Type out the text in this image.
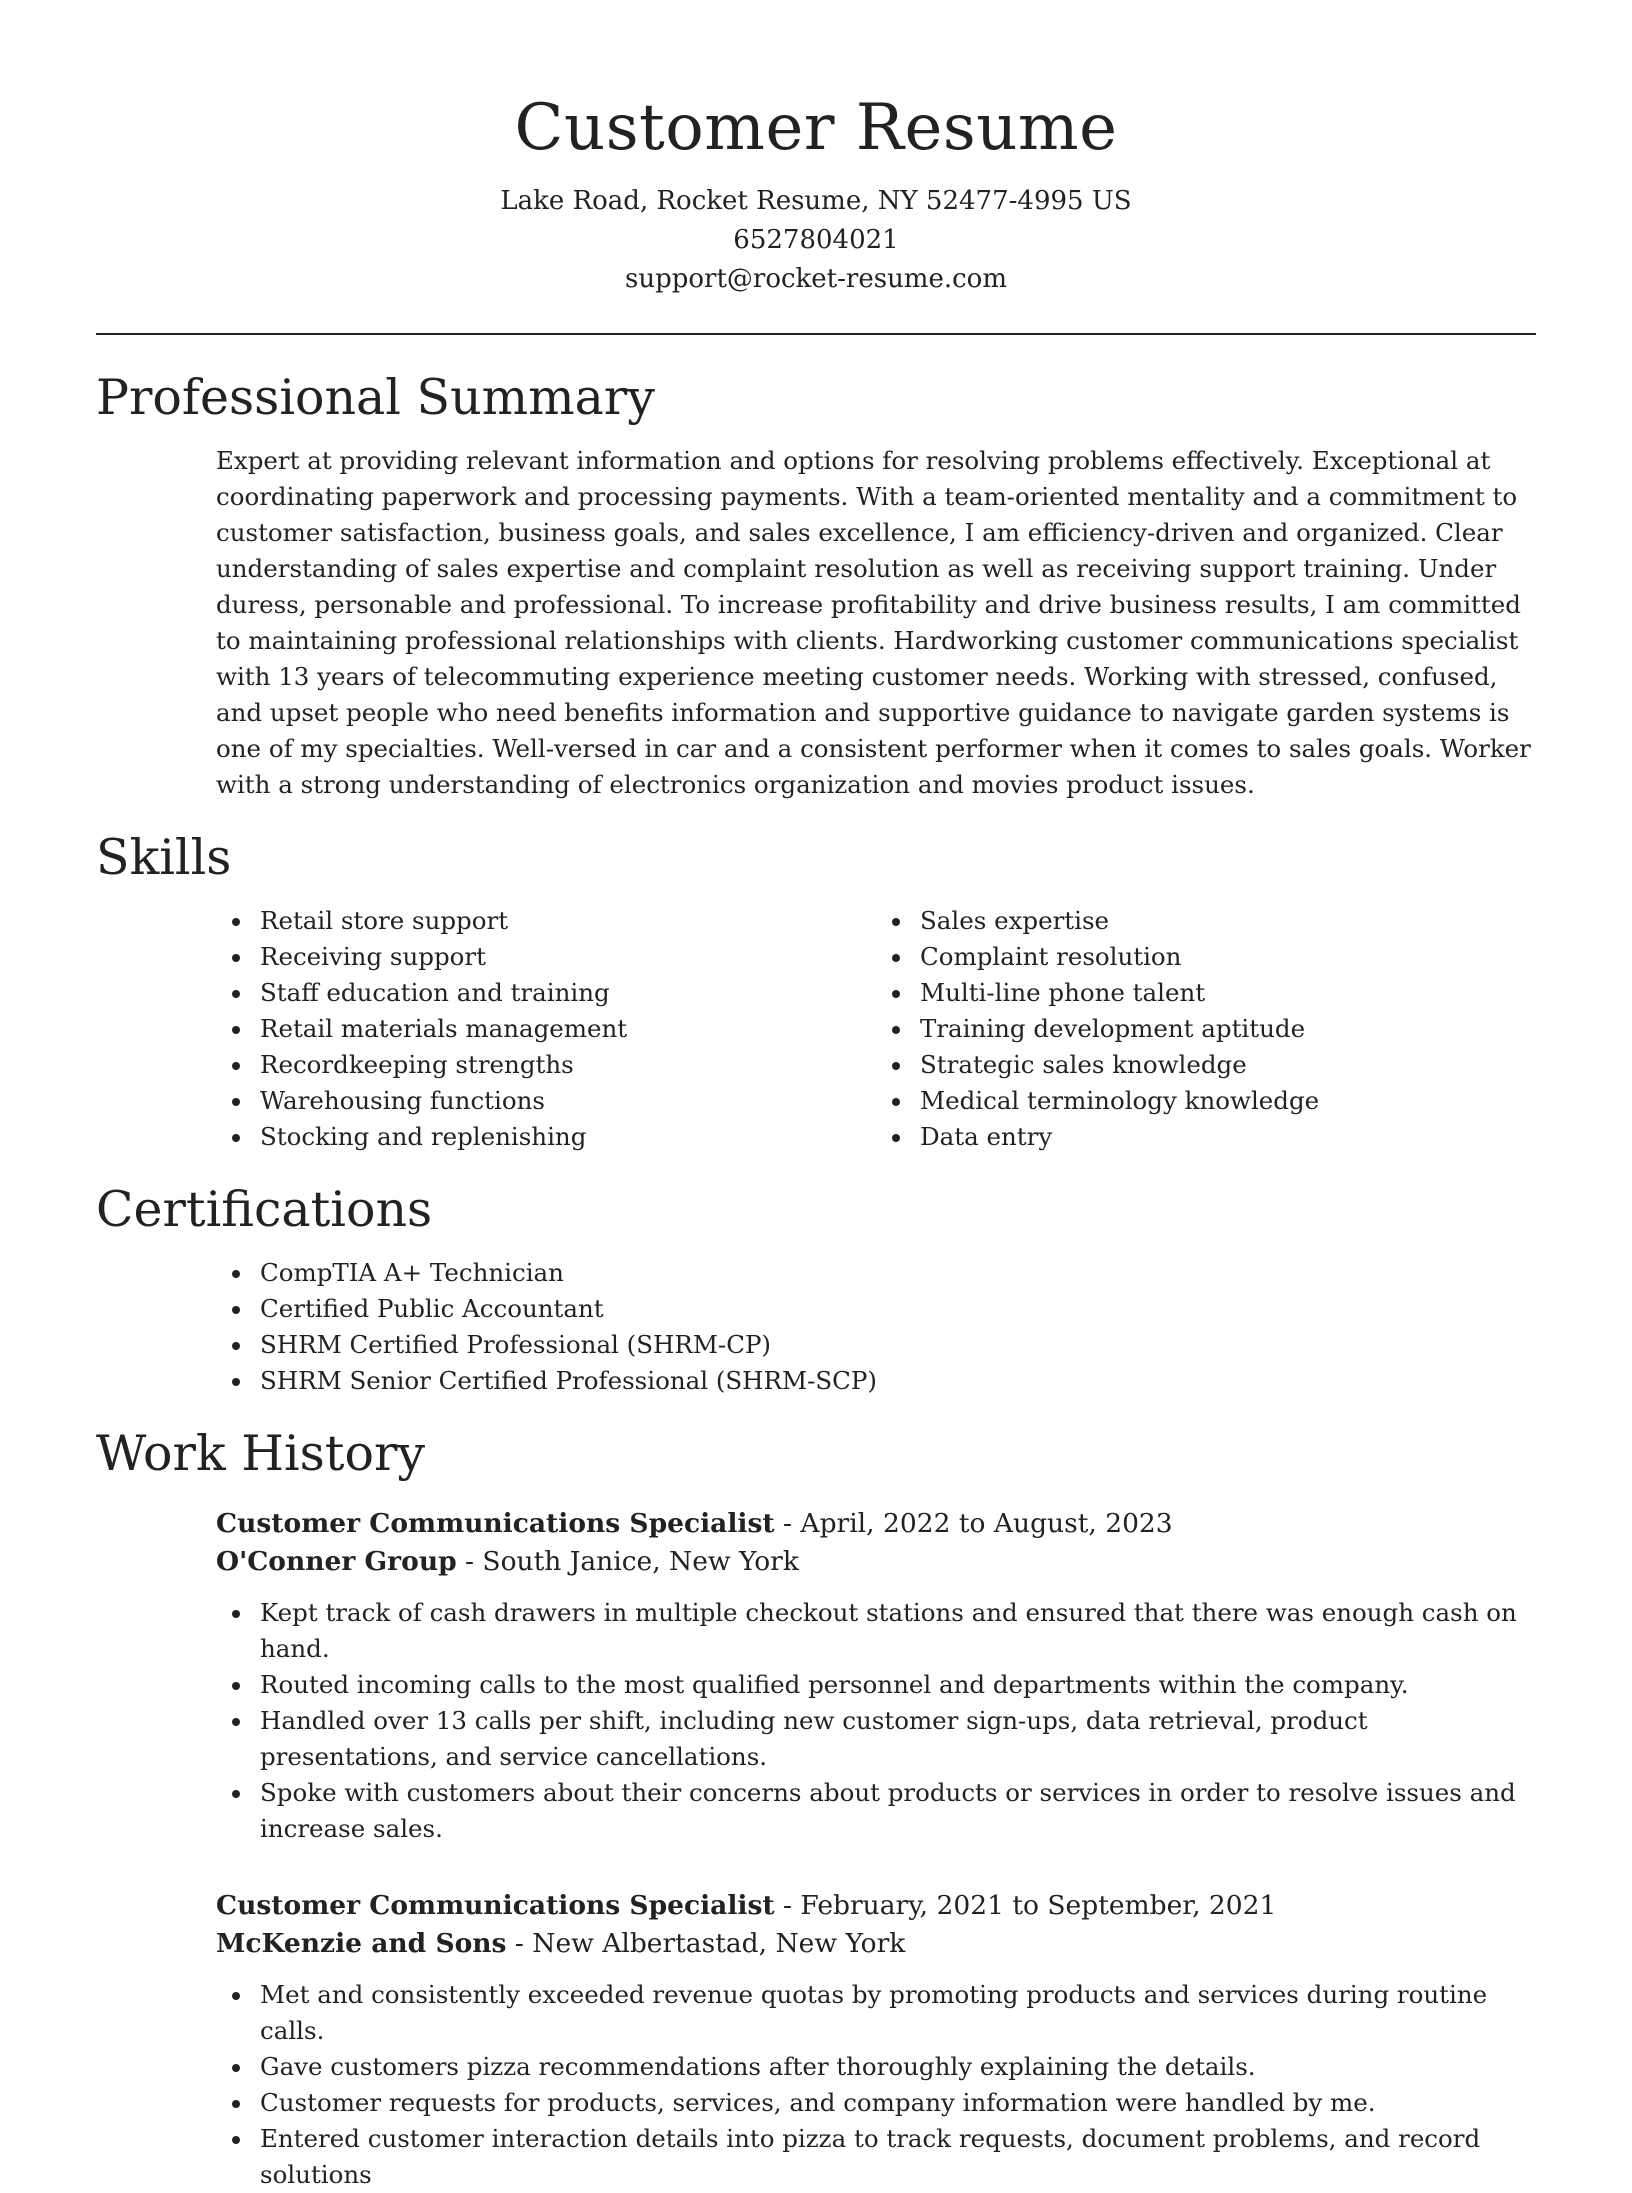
Customer Resume
Lake Road, Rocket Resume, NY 52477-4995 US
6527804021
support@rocket-resume.com
Professional Summary

Expert at providing relevant information and options for resolving problems effectively. Exceptional at coordinating paperwork and processing payments. With a team-oriented mentality and a commitment to customer satisfaction, business goals, and sales excellence, I am efficiency-driven and organized. Clear understanding of sales expertise and complaint resolution as well as receiving support training. Under duress, personable and professional. To increase profitability and drive business results, I am committed to maintaining professional relationships with clients. Hardworking customer communications specialist with 13 years of telecommuting experience meeting customer needs. Working with stressed, confused, and upset people who need benefits information and supportive guidance to navigate garden systems is one of my specialties. Well-versed in car and a consistent performer when it comes to sales goals. Worker with a strong understanding of electronics organization and movies product issues.

Skills
Retail store support
Receiving support
Staff education and training
Retail materials management
Recordkeeping strengths
Warehousing functions
Stocking and replenishing
Sales expertise
Complaint resolution
Multi-line phone talent
Training development aptitude
Strategic sales knowledge
Medical terminology knowledge
Data entry
Certifications
CompTIA A+ Technician
Certified Public Accountant
SHRM Certified Professional (SHRM-CP)
SHRM Senior Certified Professional (SHRM-SCP)
Work History
Customer Communications Specialist - April, 2022 to August, 2023
O'Conner Group - South Janice, New York
Kept track of cash drawers in multiple checkout stations and ensured that there was enough cash on hand.
Routed incoming calls to the most qualified personnel and departments within the company.
Handled over 13 calls per shift, including new customer sign-ups, data retrieval, product presentations, and service cancellations.
Spoke with customers about their concerns about products or services in order to resolve issues and increase sales.
Customer Communications Specialist - February, 2021 to September, 2021
McKenzie and Sons - New Albertastad, New York
Met and consistently exceeded revenue quotas by promoting products and services during routine calls.
Gave customers pizza recommendations after thoroughly explaining the details.
Customer requests for products, services, and company information were handled by me.
Entered customer interaction details into pizza to track requests, document problems, and record solutions
